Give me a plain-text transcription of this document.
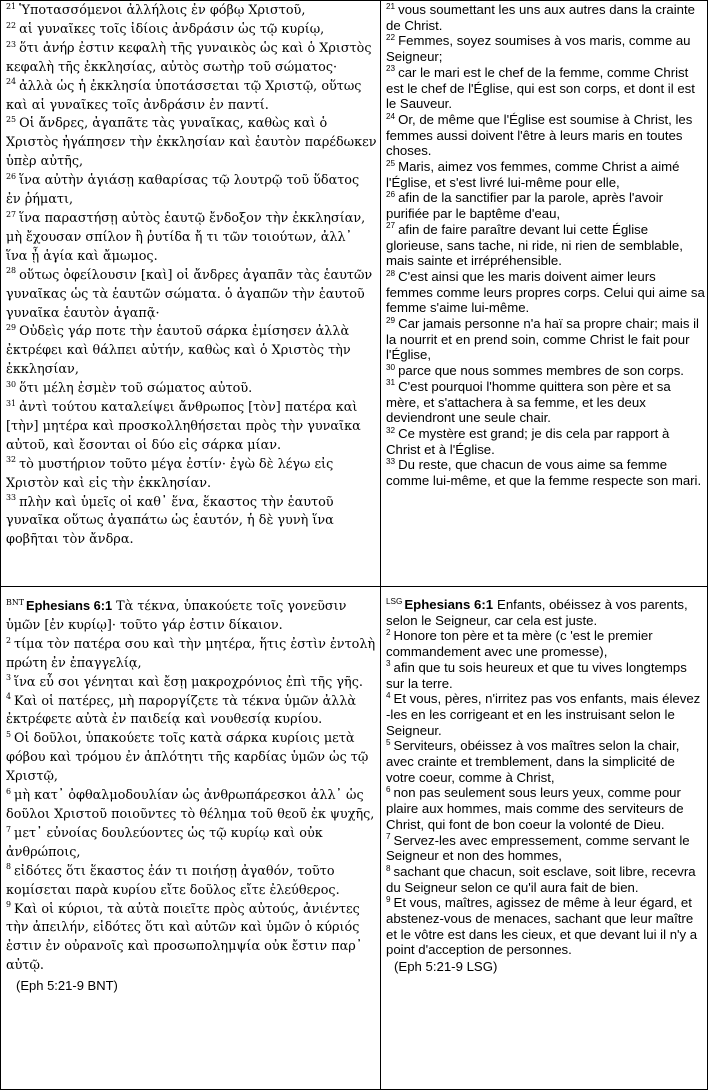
$^{21}$ Ὑποτασσόμενοι ἀλλήλοις ἐν φόβῳ Χριστοῦ,
$^{22}$ αἱ γυναῖκες τοῖς ἰδίοις ἀνδράσιν ὡς τῷ κυρίῳ,
$^{23}$ ὅτι ἀνήρ ἐστιν κεφαλὴ τῆς γυναικὸς ὡς καὶ ὁ Χριστὸς κεφαλὴ τῆς ἐκκλησίας, αὐτὸς σωτὴρ τοῦ σώματος·
$^{24}$ ἀλλὰ ὡς ἡ ἐκκλησία ὑποτάσσεται τῷ Χριστῷ, οὕτως καὶ αἱ γυναῖκες τοῖς ἀνδράσιν ἐν παντί.
$^{25}$ Οἱ ἄνδρες, ἀγαπᾶτε τὰς γυναῖκας, καθὼς καὶ ὁ Χριστὸς ἠγάπησεν τὴν ἐκκλησίαν καὶ ἑαυτὸν παρέδωκεν ὑπὲρ αὐτῆς,
$^{26}$ ἵνα αὐτὴν ἁγιάσῃ καθαρίσας τῷ λουτρῷ τοῦ ὕδατος ἐν ῥήματι,
$^{27}$ ἵνα παραστήσῃ αὐτὸς ἑαυτῷ ἔνδοξον τὴν ἐκκλησίαν, μὴ ἔχουσαν σπίλον ἢ ῥυτίδα ἤ τι τῶν τοιούτων, ἀλλ᾽ ἵνα ᾖ ἁγία καὶ ἄμωμος.
$^{28}$ οὕτως ὀφείλουσιν [καὶ] οἱ ἄνδρες ἀγαπᾶν τὰς ἑαυτῶν γυναῖκας ὡς τὰ ἑαυτῶν σώματα. ὁ ἀγαπῶν τὴν ἑαυτοῦ γυναῖκα ἑαυτὸν ἀγαπᾷ·
$^{29}$ Οὐδεὶς γάρ ποτε τὴν ἑαυτοῦ σάρκα ἐμίσησεν ἀλλὰ ἐκτρέφει καὶ θάλπει αὐτήν, καθὼς καὶ ὁ Χριστὸς τὴν ἐκκλησίαν,
$^{30}$ ὅτι μέλη ἐσμὲν τοῦ σώματος αὐτοῦ.
$^{31}$ ἀντὶ τούτου καταλείψει ἄνθρωπος [τὸν] πατέρα καὶ [τὴν] μητέρα καὶ προσκολληθήσεται πρὸς τὴν γυναῖκα αὐτοῦ, καὶ ἔσονται οἱ δύο εἰς σάρκα μίαν.
$^{32}$ τὸ μυστήριον τοῦτο μέγα ἐστίν· ἐγὼ δὲ λέγω εἰς Χριστὸν καὶ εἰς τὴν ἐκκλησίαν.
$^{33}$ πλὴν καὶ ὑμεῖς οἱ καθ᾽ ἕνα, ἕκαστος τὴν ἑαυτοῦ γυναῖκα οὕτως ἀγαπάτω ὡς ἑαυτόν, ἡ δὲ γυνὴ ἵνα φοβῆται τὸν ἄνδρα.
$^{21}$ vous soumettant les uns aux autres dans la crainte de Christ.
$^{22}$ Femmes, soyez soumises à vos maris, comme au Seigneur;
$^{23}$ car le mari est le chef de la femme, comme Christ est le chef de l'Église, qui est son corps, et dont il est le Sauveur.
$^{24}$ Or, de même que l'Église est soumise à Christ, les femmes aussi doivent l'être à leurs maris en toutes choses.
$^{25}$ Maris, aimez vos femmes, comme Christ a aimé l'Église, et s'est livré lui-même pour elle,
$^{26}$ afin de la sanctifier par la parole, après l'avoir purifiée par le baptême d'eau,
$^{27}$ afin de faire paraître devant lui cette Église glorieuse, sans tache, ni ride, ni rien de semblable, mais sainte et irrépréhensible.
$^{28}$ C'est ainsi que les maris doivent aimer leurs femmes comme leurs propres corps. Celui qui aime sa femme s'aime lui-même.
$^{29}$ Car jamais personne n'a haï sa propre chair; mais il la nourrit et en prend soin, comme Christ le fait pour l'Église,
$^{30}$ parce que nous sommes membres de son corps.
$^{31}$ C'est pourquoi l'homme quittera son père et sa mère, et s'attachera à sa femme, et les deux deviendront une seule chair.
$^{32}$ Ce mystère est grand; je dis cela par rapport à Christ et à l'Église.
$^{33}$ Du reste, que chacun de vous aime sa femme comme lui-même, et que la femme respecte son mari.
$^{BNT}$ Ephesians 6:1 Τὰ τέκνα, ὑπακούετε τοῖς γονεῦσιν ὑμῶν [ἐν κυρίῳ]· τοῦτο γάρ ἐστιν δίκαιον.
$^2$ τίμα τὸν πατέρα σου καὶ τὴν μητέρα, ἥτις ἐστὶν ἐντολὴ πρώτη ἐν ἐπαγγελίᾳ,
$^3$ ἵνα εὖ σοι γένηται καὶ ἔσῃ μακροχρόνιος ἐπὶ τῆς γῆς.
$^4$ Καὶ οἱ πατέρες, μὴ παροργίζετε τὰ τέκνα ὑμῶν ἀλλὰ ἐκτρέφετε αὐτὰ ἐν παιδείᾳ καὶ νουθεσίᾳ κυρίου.
$^5$ Οἱ δοῦλοι, ὑπακούετε τοῖς κατὰ σάρκα κυρίοις μετὰ φόβου καὶ τρόμου ἐν ἁπλότητι τῆς καρδίας ὑμῶν ὡς τῷ Χριστῷ,
$^6$ μὴ κατ᾽ ὀφθαλμοδουλίαν ὡς ἀνθρωπάρεσκοι ἀλλ᾽ ὡς δοῦλοι Χριστοῦ ποιοῦντες τὸ θέλημα τοῦ θεοῦ ἐκ ψυχῆς,
$^7$ μετ᾽ εὐνοίας δουλεύοντες ὡς τῷ κυρίῳ καὶ οὐκ ἀνθρώποις,
$^8$ εἰδότες ὅτι ἕκαστος ἐάν τι ποιήσῃ ἀγαθόν, τοῦτο κομίσεται παρὰ κυρίου εἴτε δοῦλος εἴτε ἐλεύθερος.
$^9$ Καὶ οἱ κύριοι, τὰ αὐτὰ ποιεῖτε πρὸς αὐτούς, ἀνιέντες τὴν ἀπειλήν, εἰδότες ὅτι καὶ αὐτῶν καὶ ὑμῶν ὁ κύριός ἐστιν ἐν οὐρανοῖς καὶ προσωπολημψία οὐκ ἔστιν παρ᾽ αὐτῷ.
(Eph 5:21-9 BNT)
$^{LSG}$ Ephesians 6:1 Enfants, obéissez à vos parents, selon le Seigneur, car cela est juste.
$^2$ Honore ton père et ta mère (c 'est le premier commandement avec une promesse),
$^3$ afin que tu sois heureux et que tu vives longtemps sur la terre.
$^4$ Et vous, pères, n'irritez pas vos enfants, mais élevez -les en les corrigeant et en les instruisant selon le Seigneur.
$^5$ Serviteurs, obéissez à vos maîtres selon la chair, avec crainte et tremblement, dans la simplicité de votre coeur, comme à Christ,
$^6$ non pas seulement sous leurs yeux, comme pour plaire aux hommes, mais comme des serviteurs de Christ, qui font de bon coeur la volonté de Dieu.
$^7$ Servez-les avec empressement, comme servant le Seigneur et non des hommes,
$^8$ sachant que chacun, soit esclave, soit libre, recevra du Seigneur selon ce qu'il aura fait de bien.
$^9$ Et vous, maîtres, agissez de même à leur égard, et abstenez-vous de menaces, sachant que leur maître et le vôtre est dans les cieux, et que devant lui il n'y a point d'acception de personnes.
(Eph 5:21-9 LSG)
